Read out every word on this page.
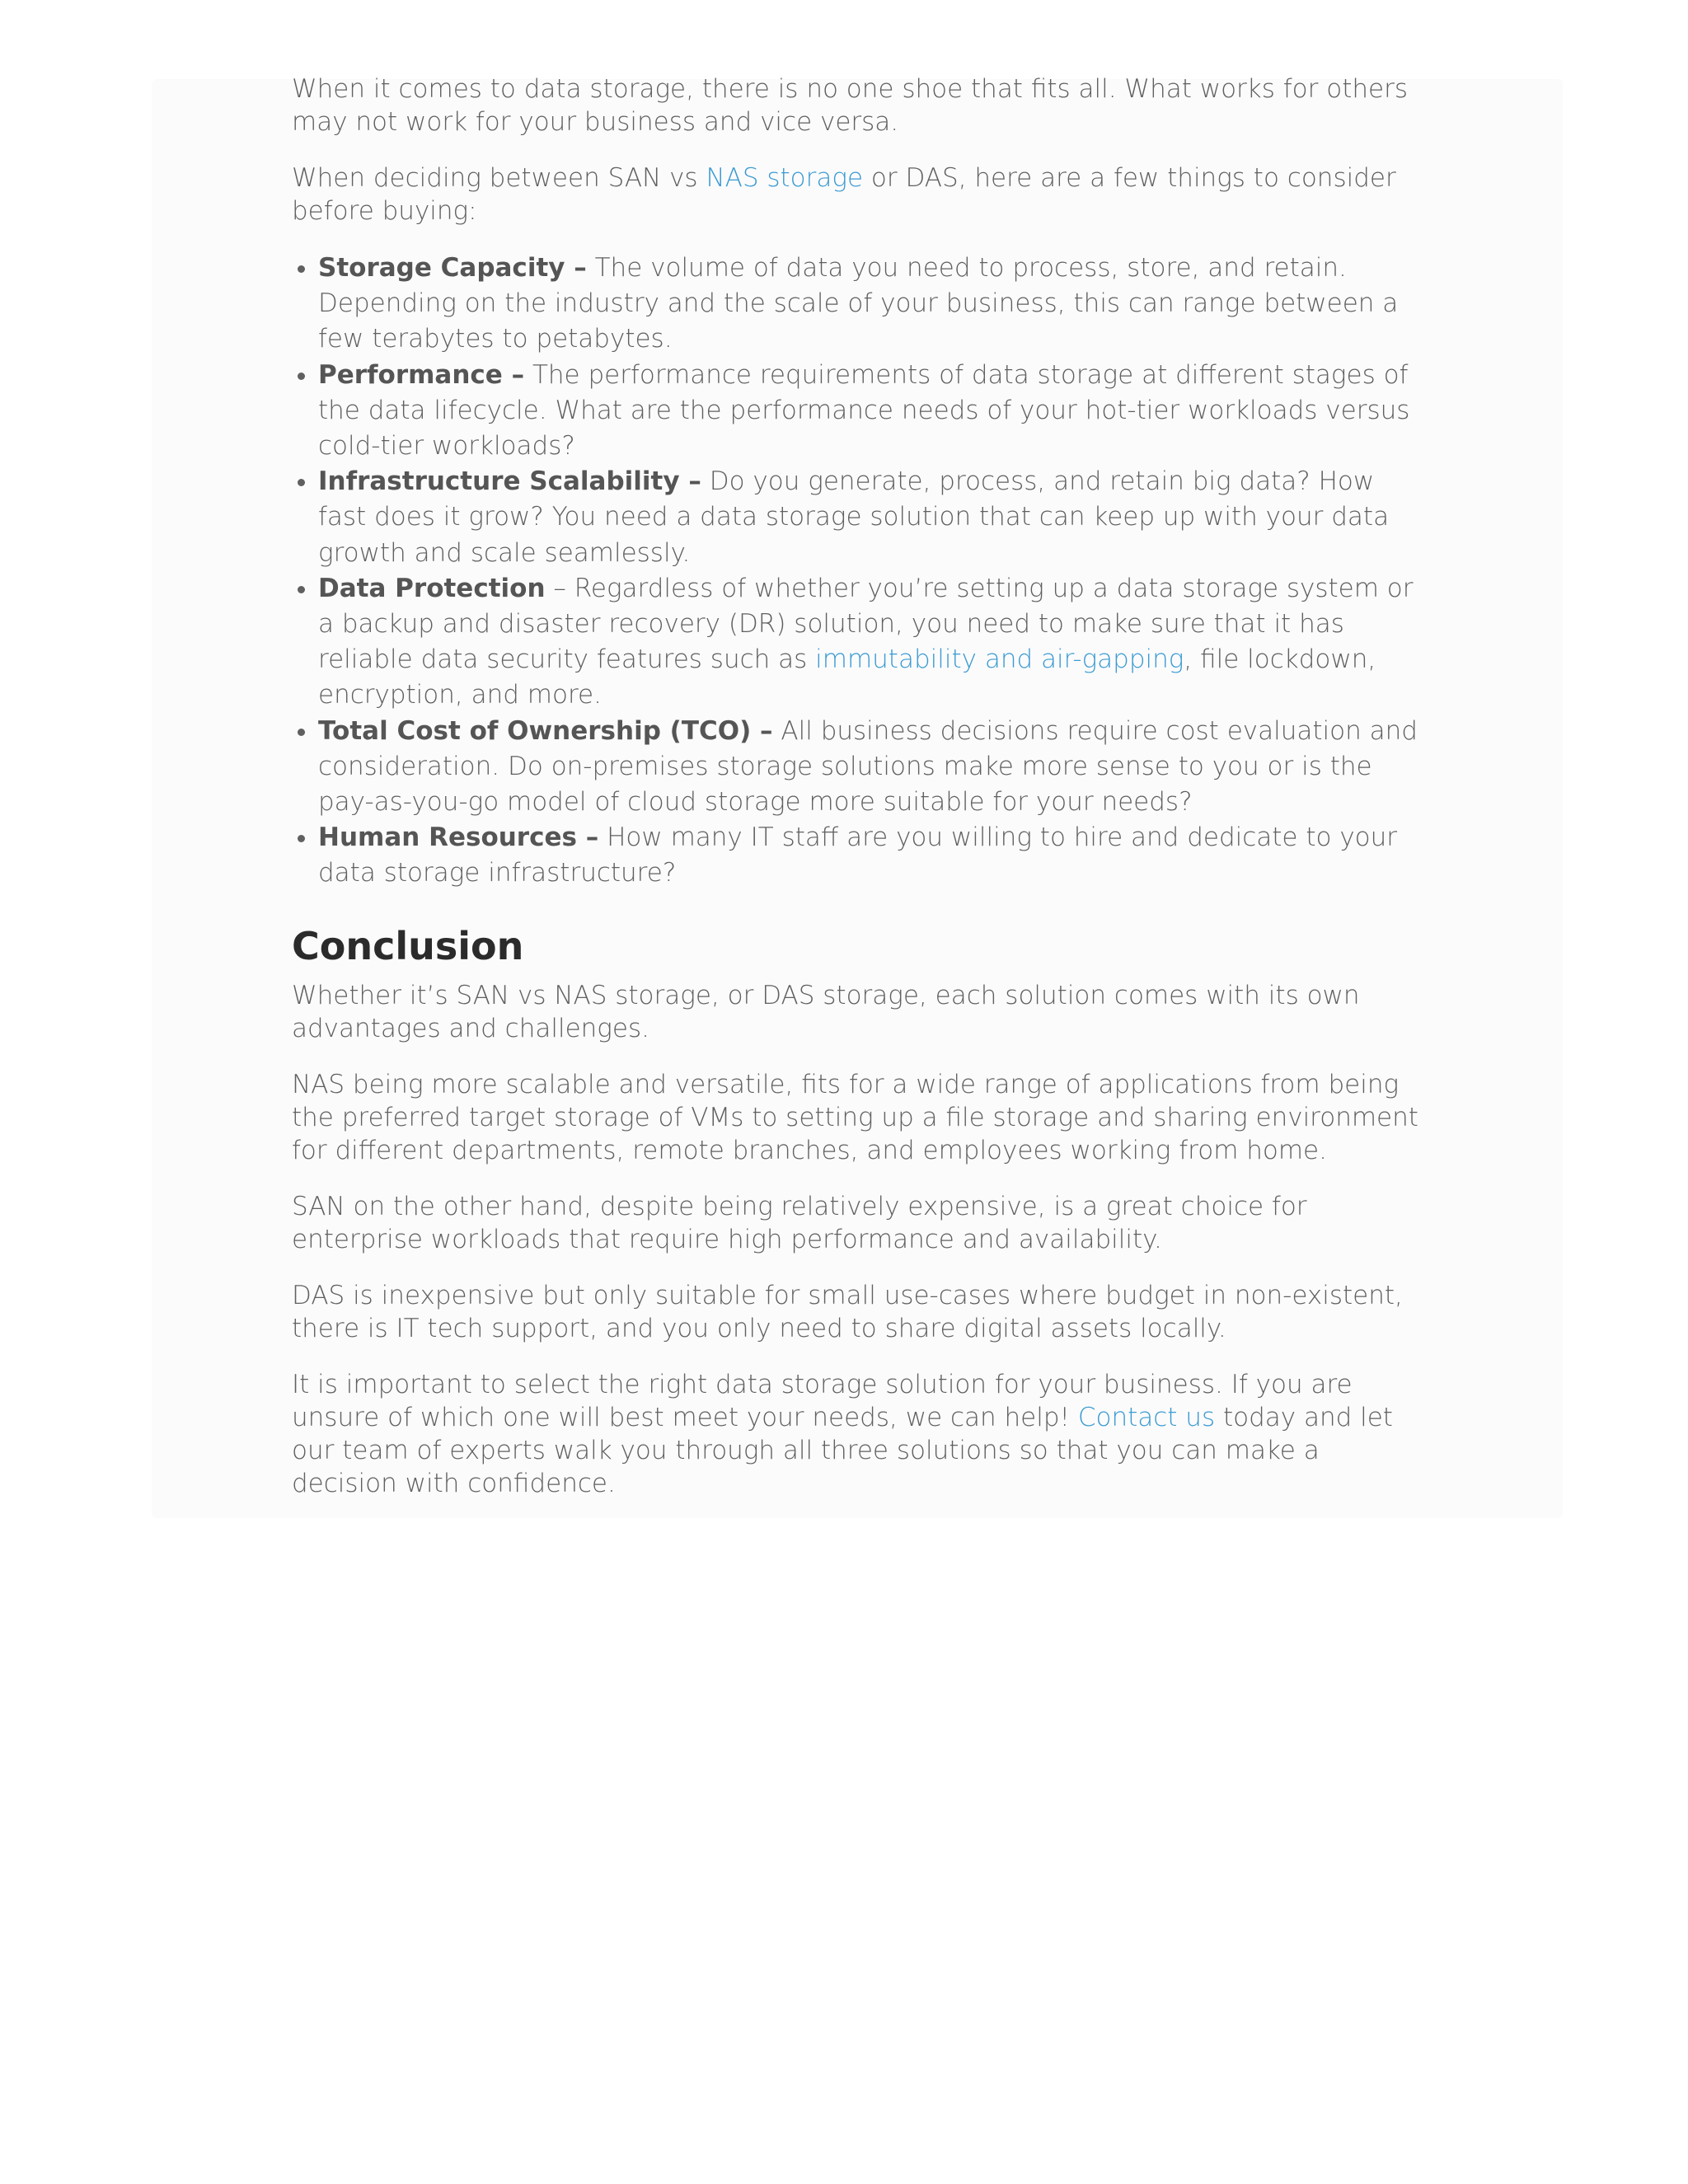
When it comes to data storage, there is no one shoe that fits all. What works for others may not work for your business and vice versa.

When deciding between SAN vs NAS storage or DAS, here are a few things to consider before buying:

• Storage Capacity – The volume of data you need to process, store, and retain. Depending on the industry and the scale of your business, this can range between a few terabytes to petabytes.
• Performance – The performance requirements of data storage at different stages of the data lifecycle. What are the performance needs of your hot-tier workloads versus cold-tier workloads?
• Infrastructure Scalability – Do you generate, process, and retain big data? How fast does it grow? You need a data storage solution that can keep up with your data growth and scale seamlessly.
• Data Protection – Regardless of whether you’re setting up a data storage system or a backup and disaster recovery (DR) solution, you need to make sure that it has reliable data security features such as immutability and air-gapping, file lockdown, encryption, and more.
• Total Cost of Ownership (TCO) – All business decisions require cost evaluation and consideration. Do on-premises storage solutions make more sense to you or is the pay-as-you-go model of cloud storage more suitable for your needs?
• Human Resources – How many IT staff are you willing to hire and dedicate to your data storage infrastructure?
Conclusion

Whether it’s SAN vs NAS storage, or DAS storage, each solution comes with its own advantages and challenges.

NAS being more scalable and versatile, fits for a wide range of applications from being the preferred target storage of VMs to setting up a file storage and sharing environment for different departments, remote branches, and employees working from home.

SAN on the other hand, despite being relatively expensive, is a great choice for enterprise workloads that require high performance and availability.

DAS is inexpensive but only suitable for small use-cases where budget in non-existent, there is IT tech support, and you only need to share digital assets locally.

It is important to select the right data storage solution for your business. If you are unsure of which one will best meet your needs, we can help! Contact us today and let our team of experts walk you through all three solutions so that you can make a decision with confidence.
